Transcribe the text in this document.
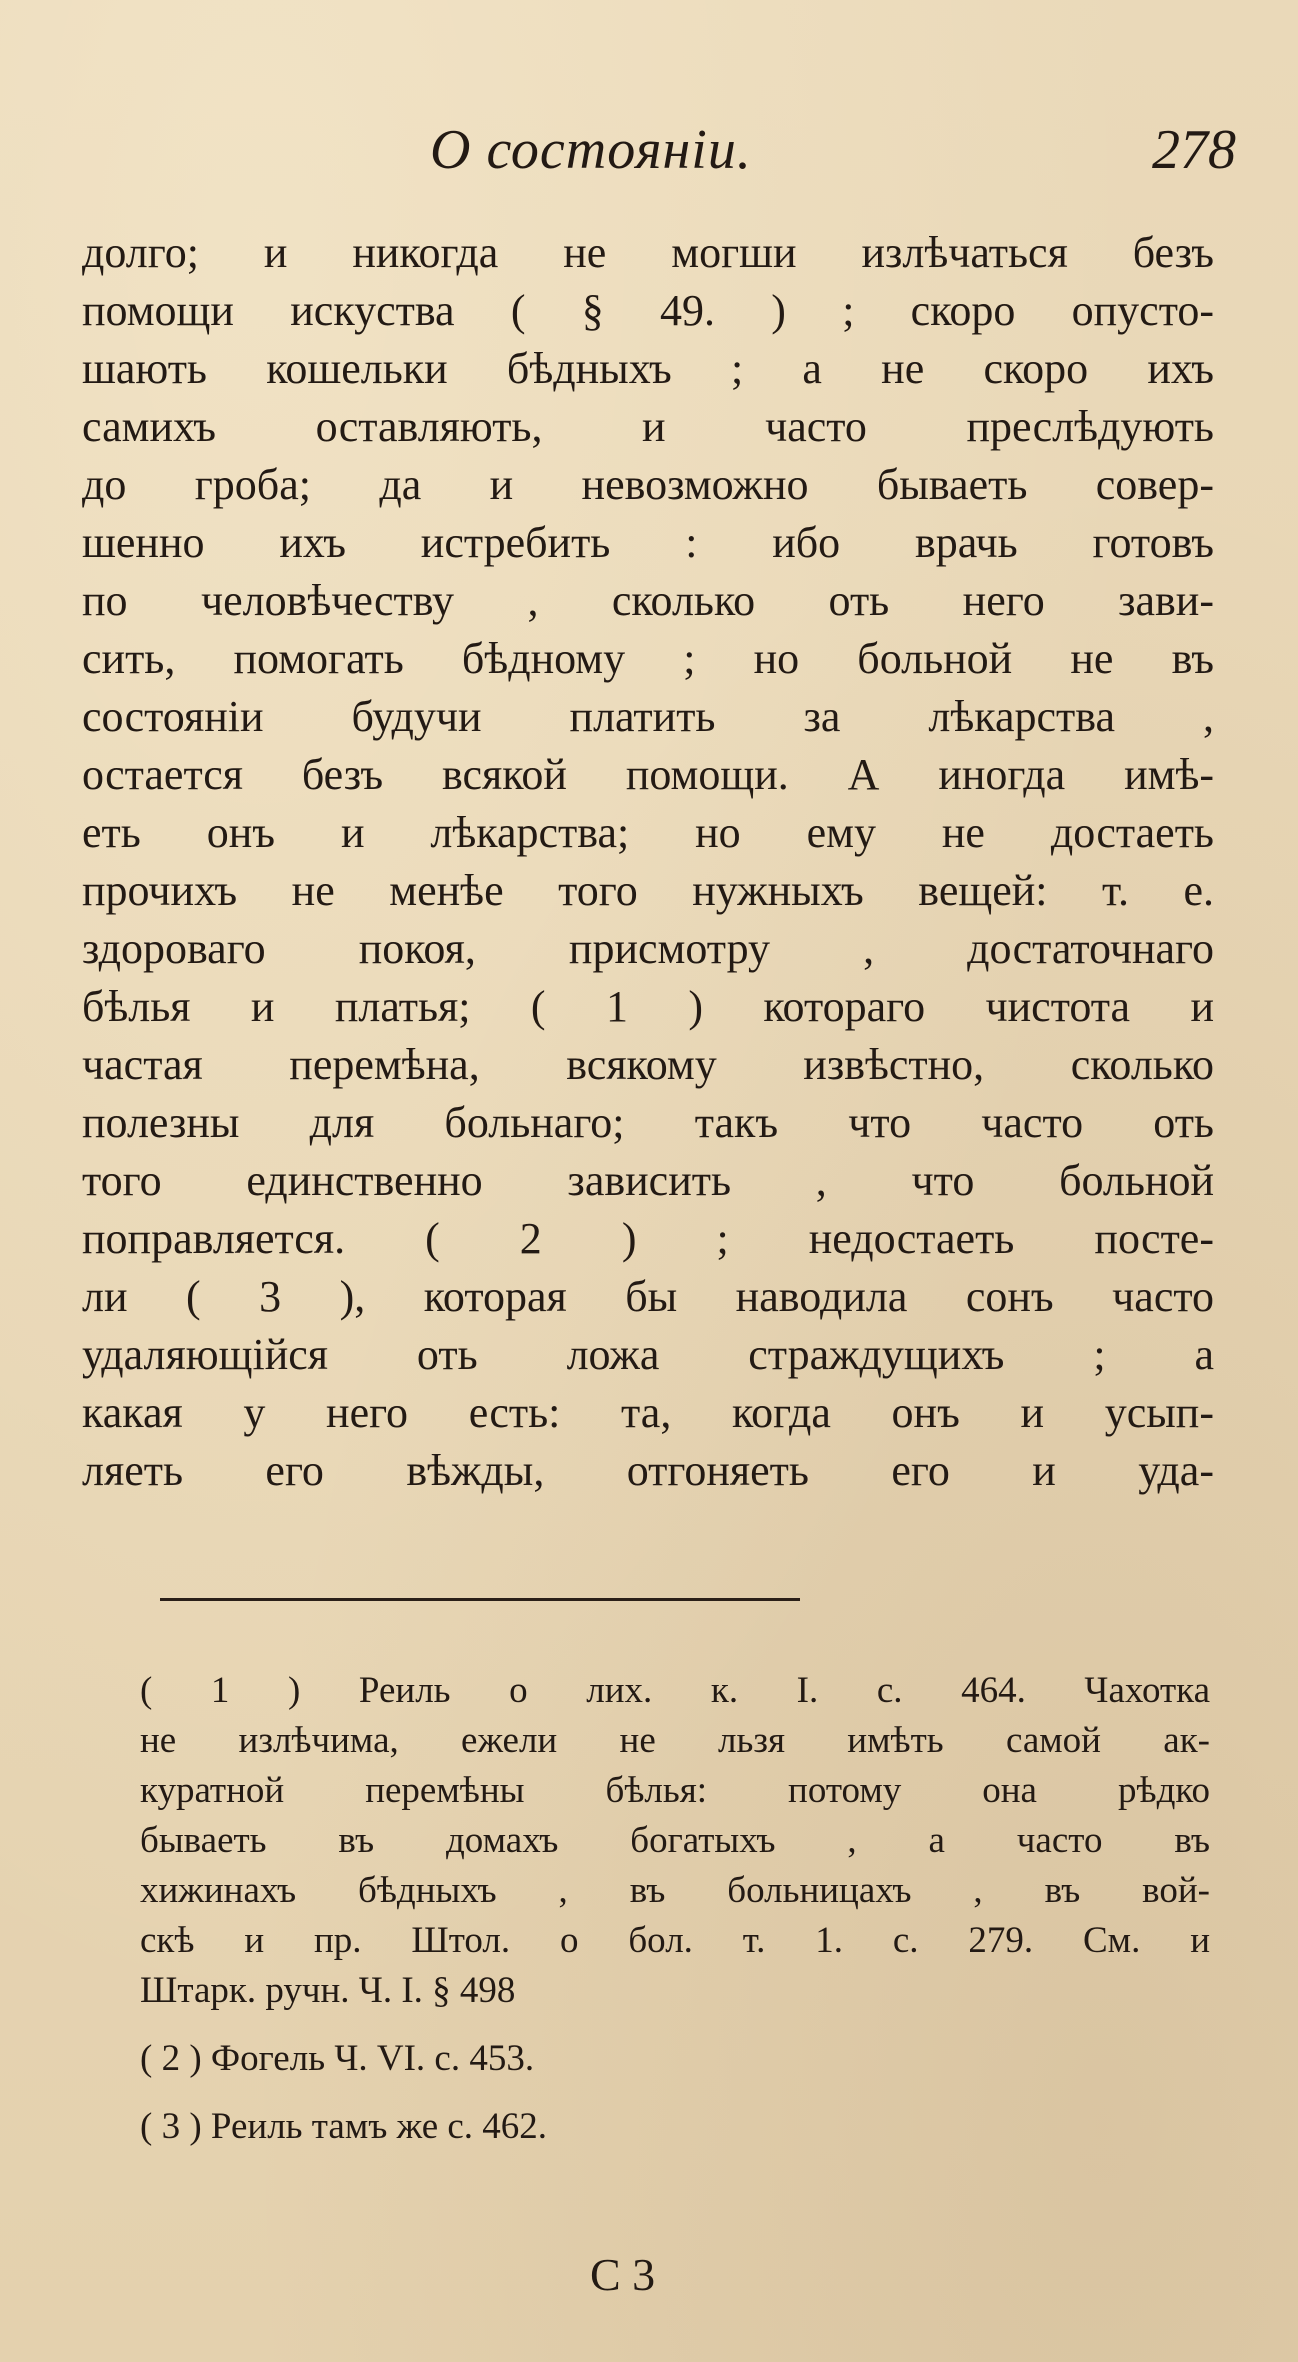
О состоянiи.	278
долго; и никогда не могши излѣчаться безъ
помощи искуства ( § 49. ) ; скоро опусто-
шають кошельки бѣдныхъ ; а не скоро ихъ
самихъ оставляють, и часто преслѣдують
до гроба; да и невозможно бываеть совер-
шенно ихъ истребить : ибо врачь готовъ
по человѣчеству , сколько оть него зави-
сить, помогать бѣдному ; но больной не въ
состоянiи будучи платить за лѣкарства ,
остается безъ всякой помощи. А иногда имѣ-
еть онъ и лѣкарства; но ему не достаеть
прочихъ не менѣе того нужныхъ вещей: т. е.
здороваго покоя, присмотру , достаточнаго
бѣлья и платья; ( 1 ) котораго чистота и
частая перемѣна, всякому извѣстно, сколько
полезны для больнаго; такъ что часто оть
того единственно зависить , что больной
поправляется. ( 2 ) ; недостаеть посте-
ли ( 3 ), которая бы наводила сонъ часто
удаляющiйся оть ложа страждущихъ ; а
какая у него есть: та, когда онъ и усып-
ляеть его вѣжды, отгоняеть его и уда-
( 1 ) Реиль о лих. к. I. с. 464. Чахотка
не излѣчима, ежели не льзя имѣть самой ак-
куратной перемѣны бѣлья: потому она рѣдко
бываеть въ домахъ богатыхъ , а часто въ
хижинахъ бѣдныхъ , въ больницахъ , въ вой-
скѣ и пр. Штол. о бол. т. 1. с. 279. См. и
Штарк. ручн. Ч. I. § 498
( 2 ) Фогель Ч. VI. с. 453.
( 3 ) Реиль тамъ же с. 462.
С 3
